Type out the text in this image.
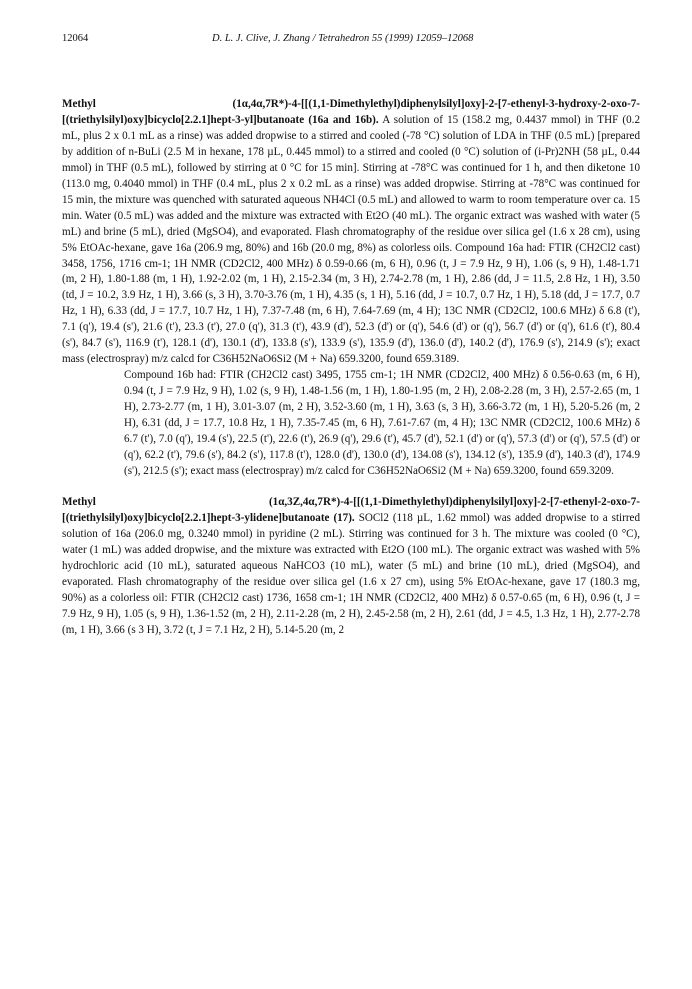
12064	D. L. J. Clive, J. Zhang / Tetrahedron 55 (1999) 12059–12068

Methyl (1α,4α,7R*)-4-[[(1,1-Dimethylethyl)diphenylsilyl]oxy]-2-[7-ethenyl-3-hydroxy-2-oxo-7-[(triethylsilyl)oxy]bicyclo[2.2.1]hept-3-yl]butanoate (16a and 16b). A solution of 15 (158.2 mg, 0.4437 mmol) in THF (0.2 mL, plus 2 x 0.1 mL as a rinse) was added dropwise to a stirred and cooled (-78 °C) solution of LDA in THF (0.5 mL) [prepared by addition of n-BuLi (2.5 M in hexane, 178 µL, 0.445 mmol) to a stirred and cooled (0 °C) solution of (i-Pr)2NH (58 µL, 0.44 mmol) in THF (0.5 mL), followed by stirring at 0 °C for 15 min]. Stirring at -78°C was continued for 1 h, and then diketone 10 (113.0 mg, 0.4040 mmol) in THF (0.4 mL, plus 2 x 0.2 mL as a rinse) was added dropwise. Stirring at -78°C was continued for 15 min, the mixture was quenched with saturated aqueous NH4Cl (0.5 mL) and allowed to warm to room temperature over ca. 15 min. Water (0.5 mL) was added and the mixture was extracted with Et2O (40 mL). The organic extract was washed with water (5 mL) and brine (5 mL), dried (MgSO4), and evaporated. Flash chromatography of the residue over silica gel (1.6 x 28 cm), using 5% EtOAc-hexane, gave 16a (206.9 mg, 80%) and 16b (20.0 mg, 8%) as colorless oils. Compound 16a had: FTIR (CH2Cl2 cast) 3458, 1756, 1716 cm-1; 1H NMR (CD2Cl2, 400 MHz) δ 0.59-0.66 (m, 6 H), 0.96 (t, J = 7.9 Hz, 9 H), 1.06 (s, 9 H), 1.48-1.71 (m, 2 H), 1.80-1.88 (m, 1 H), 1.92-2.02 (m, 1 H), 2.15-2.34 (m, 3 H), 2.74-2.78 (m, 1 H), 2.86 (dd, J = 11.5, 2.8 Hz, 1 H), 3.50 (td, J = 10.2, 3.9 Hz, 1 H), 3.66 (s, 3 H), 3.70-3.76 (m, 1 H), 4.35 (s, 1 H), 5.16 (dd, J = 10.7, 0.7 Hz, 1 H), 5.18 (dd, J = 17.7, 0.7 Hz, 1 H), 6.33 (dd, J = 17.7, 10.7 Hz, 1 H), 7.37-7.48 (m, 6 H), 7.64-7.69 (m, 4 H); 13C NMR (CD2Cl2, 100.6 MHz) δ 6.8 (t'), 7.1 (q'), 19.4 (s'), 21.6 (t'), 23.3 (t'), 27.0 (q'), 31.3 (t'), 43.9 (d'), 52.3 (d') or (q'), 54.6 (d') or (q'), 56.7 (d') or (q'), 61.6 (t'), 80.4 (s'), 84.7 (s'), 116.9 (t'), 128.1 (d'), 130.1 (d'), 133.8 (s'), 133.9 (s'), 135.9 (d'), 136.0 (d'), 140.2 (d'), 176.9 (s'), 214.9 (s'); exact mass (electrospray) m/z calcd for C36H52NaO6Si2 (M + Na) 659.3200, found 659.3189.

Compound 16b had: FTIR (CH2Cl2 cast) 3495, 1755 cm-1; 1H NMR (CD2Cl2, 400 MHz) δ 0.56-0.63 (m, 6 H), 0.94 (t, J = 7.9 Hz, 9 H), 1.02 (s, 9 H), 1.48-1.56 (m, 1 H), 1.80-1.95 (m, 2 H), 2.08-2.28 (m, 3 H), 2.57-2.65 (m, 1 H), 2.73-2.77 (m, 1 H), 3.01-3.07 (m, 2 H), 3.52-3.60 (m, 1 H), 3.63 (s, 3 H), 3.66-3.72 (m, 1 H), 5.20-5.26 (m, 2 H), 6.31 (dd, J = 17.7, 10.8 Hz, 1 H), 7.35-7.45 (m, 6 H), 7.61-7.67 (m, 4 H); 13C NMR (CD2Cl2, 100.6 MHz) δ 6.7 (t'), 7.0 (q'), 19.4 (s'), 22.5 (t'), 22.6 (t'), 26.9 (q'), 29.6 (t'), 45.7 (d'), 52.1 (d') or (q'), 57.3 (d') or (q'), 57.5 (d') or (q'), 62.2 (t'), 79.6 (s'), 84.2 (s'), 117.8 (t'), 128.0 (d'), 130.0 (d'), 134.08 (s'), 134.12 (s'), 135.9 (d'), 140.3 (d'), 174.9 (s'), 212.5 (s'); exact mass (electrospray) m/z calcd for C36H52NaO6Si2 (M + Na) 659.3200, found 659.3209.

Methyl (1α,3Z,4α,7R*)-4-[[(1,1-Dimethylethyl)diphenylsilyl]oxy]-2-[7-ethenyl-2-oxo-7-[(triethylsilyl)oxy]bicyclo[2.2.1]hept-3-ylidene]butanoate (17). SOCl2 (118 µL, 1.62 mmol) was added dropwise to a stirred solution of 16a (206.0 mg, 0.3240 mmol) in pyridine (2 mL). Stirring was continued for 3 h. The mixture was cooled (0 °C), water (1 mL) was added dropwise, and the mixture was extracted with Et2O (100 mL). The organic extract was washed with 5% hydrochloric acid (10 mL), saturated aqueous NaHCO3 (10 mL), water (5 mL) and brine (10 mL), dried (MgSO4), and evaporated. Flash chromatography of the residue over silica gel (1.6 x 27 cm), using 5% EtOAc-hexane, gave 17 (180.3 mg, 90%) as a colorless oil: FTIR (CH2Cl2 cast) 1736, 1658 cm-1; 1H NMR (CD2Cl2, 400 MHz) δ 0.57-0.65 (m, 6 H), 0.96 (t, J = 7.9 Hz, 9 H), 1.05 (s, 9 H), 1.36-1.52 (m, 2 H), 2.11-2.28 (m, 2 H), 2.45-2.58 (m, 2 H), 2.61 (dd, J = 4.5, 1.3 Hz, 1 H), 2.77-2.78 (m, 1 H), 3.66 (s 3 H), 3.72 (t, J = 7.1 Hz, 2 H), 5.14-5.20 (m, 2
